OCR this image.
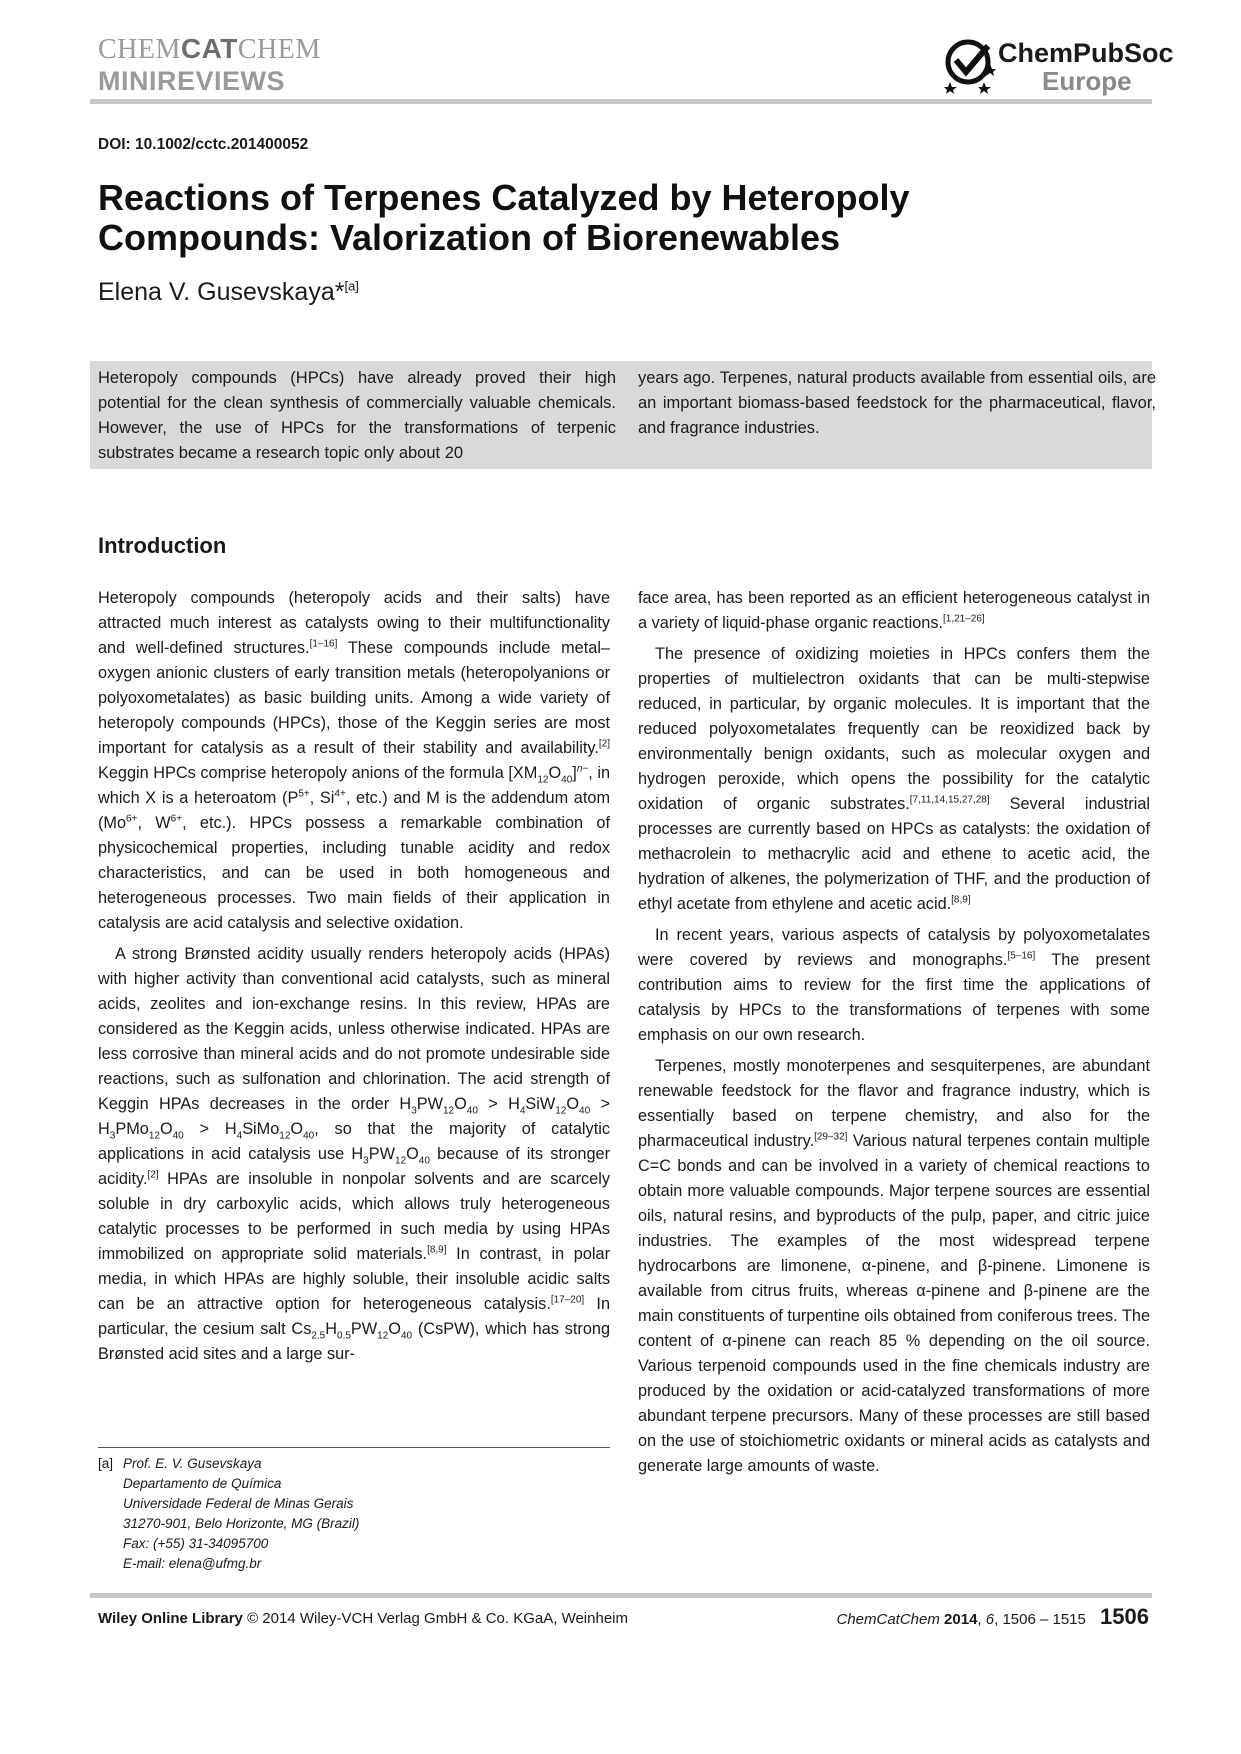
CHEMCATCHEM
MINIREVIEWS
ChemPubSoc
Europe
DOI: 10.1002/cctc.201400052
Reactions of Terpenes Catalyzed by Heteropoly
Compounds: Valorization of Biorenewables
Elena V. Gusevskaya*[a]
Heteropoly compounds (HPCs) have already proved their high potential for the clean synthesis of commercially valuable chemicals. However, the use of HPCs for the transformations of terpenic substrates became a research topic only about 20
years ago. Terpenes, natural products available from essential oils, are an important biomass-based feedstock for the pharmaceutical, flavor, and fragrance industries.
Introduction

Heteropoly compounds (heteropoly acids and their salts) have attracted much interest as catalysts owing to their multifunctionality and well-defined structures.[1–16] These compounds include metal–oxygen anionic clusters of early transition metals (heteropolyanions or polyoxometalates) as basic building units. Among a wide variety of heteropoly compounds (HPCs), those of the Keggin series are most important for catalysis as a result of their stability and availability.[2] Keggin HPCs comprise heteropoly anions of the formula $[XM_{12}O_{40}]^{n-}$, in which X is a heteroatom ($P^{5+}$, $Si^{4+}$, etc.) and M is the addendum atom ($Mo^{6+}$, $W^{6+}$, etc.). HPCs possess a remarkable combination of physicochemical properties, including tunable acidity and redox characteristics, and can be used in both homogeneous and heterogeneous processes. Two main fields of their application in catalysis are acid catalysis and selective oxidation.

A strong Brønsted acidity usually renders heteropoly acids (HPAs) with higher activity than conventional acid catalysts, such as mineral acids, zeolites and ion-exchange resins. In this review, HPAs are considered as the Keggin acids, unless otherwise indicated. HPAs are less corrosive than mineral acids and do not promote undesirable side reactions, such as sulfonation and chlorination. The acid strength of Keggin HPAs decreases in the order $H_3PW_{12}O_{40} > H_4SiW_{12}O_{40} > H_3PMo_{12}O_{40}$ > $H_4SiMo_{12}O_{40}$, so that the majority of catalytic applications in acid catalysis use $H_3PW_{12}O_{40}$ because of its stronger acidity.[2] HPAs are insoluble in nonpolar solvents and are scarcely soluble in dry carboxylic acids, which allows truly heterogeneous catalytic processes to be performed in such media by using HPAs immobilized on appropriate solid materials.[8,9] In contrast, in polar media, in which HPAs are highly soluble, their insoluble acidic salts can be an attractive option for heterogeneous catalysis.[17–20] In particular, the cesium salt $Cs_{2.5}H_{0.5}PW_{12}O_{40}$ (CsPW), which has strong Brønsted acid sites and a large sur-

[a] Prof. E. V. Gusevskaya
Departamento de Química
Universidade Federal de Minas Gerais
31270-901, Belo Horizonte, MG (Brazil)
Fax: (+55) 31-34095700
E-mail: elena@ufmg.br

face area, has been reported as an efficient heterogeneous catalyst in a variety of liquid-phase organic reactions.[1,21–26]

The presence of oxidizing moieties in HPCs confers them the properties of multielectron oxidants that can be multi-stepwise reduced, in particular, by organic molecules. It is important that the reduced polyoxometalates frequently can be reoxidized back by environmentally benign oxidants, such as molecular oxygen and hydrogen peroxide, which opens the possibility for the catalytic oxidation of organic substrates.[7,11,14,15,27,28] Several industrial processes are currently based on HPCs as catalysts: the oxidation of methacrolein to methacrylic acid and ethene to acetic acid, the hydration of alkenes, the polymerization of THF, and the production of ethyl acetate from ethylene and acetic acid.[8,9]

In recent years, various aspects of catalysis by polyoxometalates were covered by reviews and monographs.[5–16] The present contribution aims to review for the first time the applications of catalysis by HPCs to the transformations of terpenes with some emphasis on our own research.

Terpenes, mostly monoterpenes and sesquiterpenes, are abundant renewable feedstock for the flavor and fragrance industry, which is essentially based on terpene chemistry, and also for the pharmaceutical industry.[29–32] Various natural terpenes contain multiple C=C bonds and can be involved in a variety of chemical reactions to obtain more valuable compounds. Major terpene sources are essential oils, natural resins, and byproducts of the pulp, paper, and citric juice industries. The examples of the most widespread terpene hydrocarbons are limonene, α-pinene, and β-pinene. Limonene is available from citrus fruits, whereas α-pinene and β-pinene are the main constituents of turpentine oils obtained from coniferous trees. The content of α-pinene can reach 85 % depending on the oil source. Various terpenoid compounds used in the fine chemicals industry are produced by the oxidation or acid-catalyzed transformations of more abundant terpene precursors. Many of these processes are still based on the use of stoichiometric oxidants or mineral acids as catalysts and generate large amounts of waste.

Wiley Online Library © 2014 Wiley-VCH Verlag GmbH & Co. KGaA, Weinheim	ChemCatChem 2014, 6, 1506 – 1515 1506
